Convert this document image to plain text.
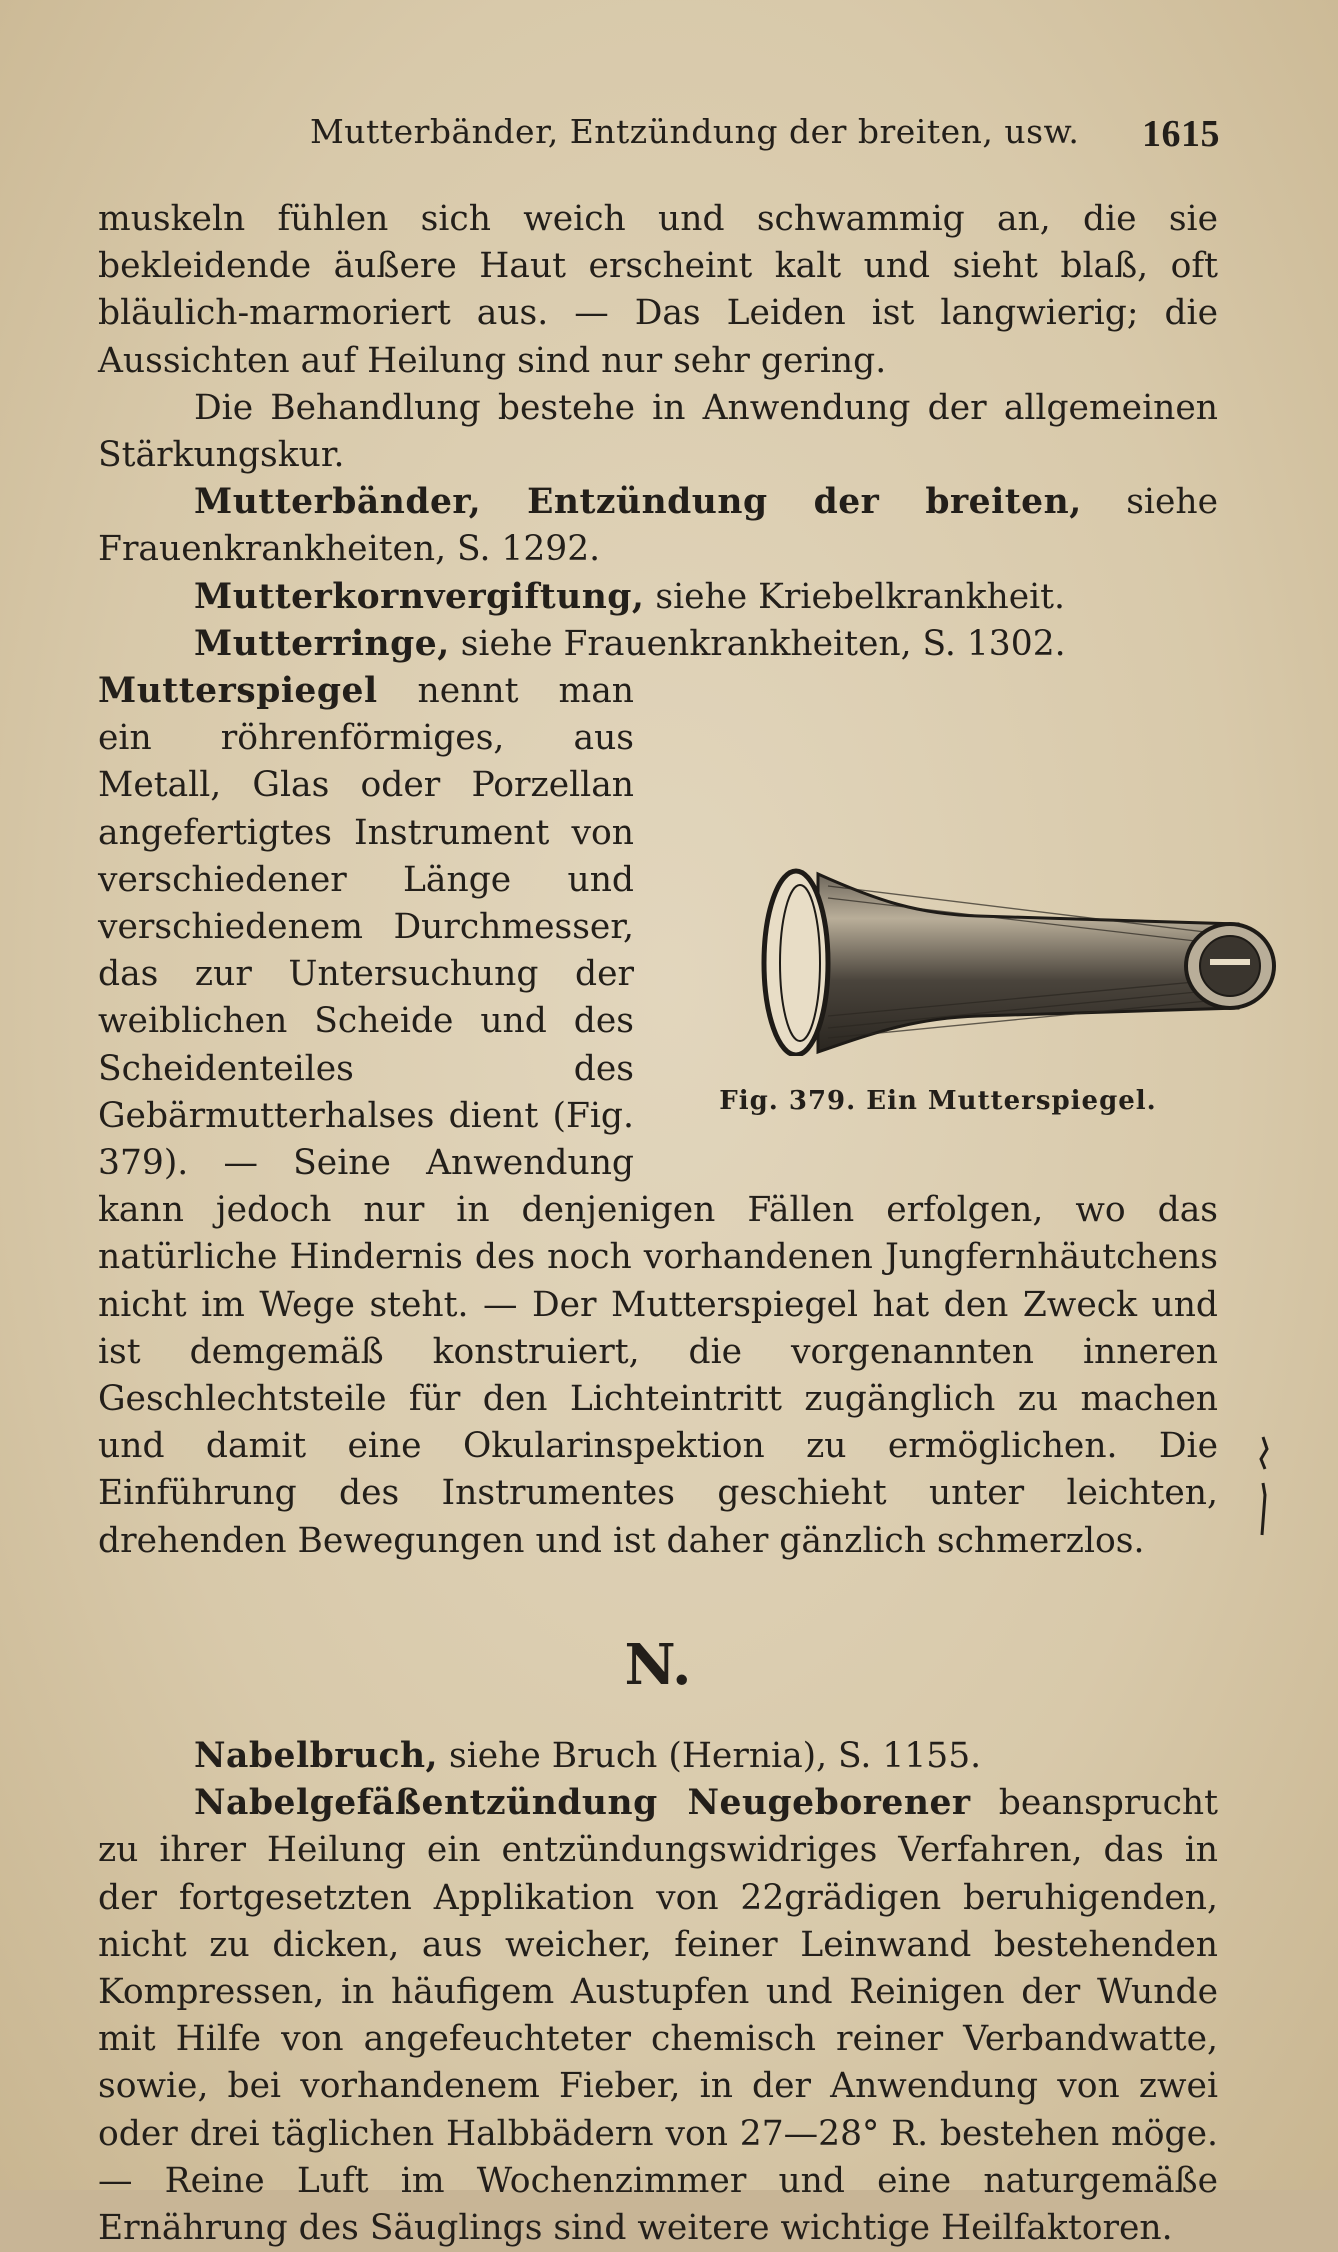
Mutterbänder, Entzündung der breiten, usw. 1615

muskeln fühlen sich weich und schwammig an, die sie bekleidende äußere Haut erscheint kalt und sieht blaß, oft bläulich-marmoriert aus. — Das Leiden ist langwierig; die Aussichten auf Heilung sind nur sehr gering.

Die Behandlung bestehe in Anwendung der allgemeinen Stärkungskur.

Mutterbänder, Entzündung der breiten, siehe Frauenkrankheiten, S. 1292.

Mutterkornvergiftung, siehe Kriebelkrankheit.

Mutterringe, siehe Frauenkrankheiten, S. 1302.

Fig. 379. Ein Mutterspiegel.
Mutterspiegel nennt man ein röhrenförmiges, aus Metall, Glas oder Porzellan angefertigtes Instrument von verschiedener Länge und verschiedenem Durchmesser, das zur Untersuchung der weiblichen Scheide und des Scheidenteiles des Gebärmutterhalses dient (Fig. 379). — Seine Anwendung kann jedoch nur in denjenigen Fällen erfolgen, wo das natürliche Hindernis des noch vorhandenen Jungfernhäutchens nicht im Wege steht. — Der Mutterspiegel hat den Zweck und ist demgemäß konstruiert, die vorgenannten inneren Geschlechtsteile für den Lichteintritt zugänglich zu machen und damit eine Okularinspektion zu ermöglichen. Die Einführung des Instrumentes geschieht unter leichten, drehenden Bewegungen und ist daher gänzlich schmerzlos.

N.

Nabelbruch, siehe Bruch (Hernia), S. 1155.

Nabelgefäßentzündung Neugeborener beansprucht zu ihrer Heilung ein entzündungswidriges Verfahren, das in der fortgesetzten Applikation von 22grädigen beruhigenden, nicht zu dicken, aus weicher, feiner Leinwand bestehenden Kompressen, in häufigem Austupfen und Reinigen der Wunde mit Hilfe von angefeuchteter chemisch reiner Verbandwatte, sowie, bei vorhandenem Fieber, in der Anwendung von zwei oder drei täglichen Halbbädern von 27—28° R. bestehen möge. — Reine Luft im Wochenzimmer und eine naturgemäße Ernährung des Säuglings sind weitere wichtige Heilfaktoren.
